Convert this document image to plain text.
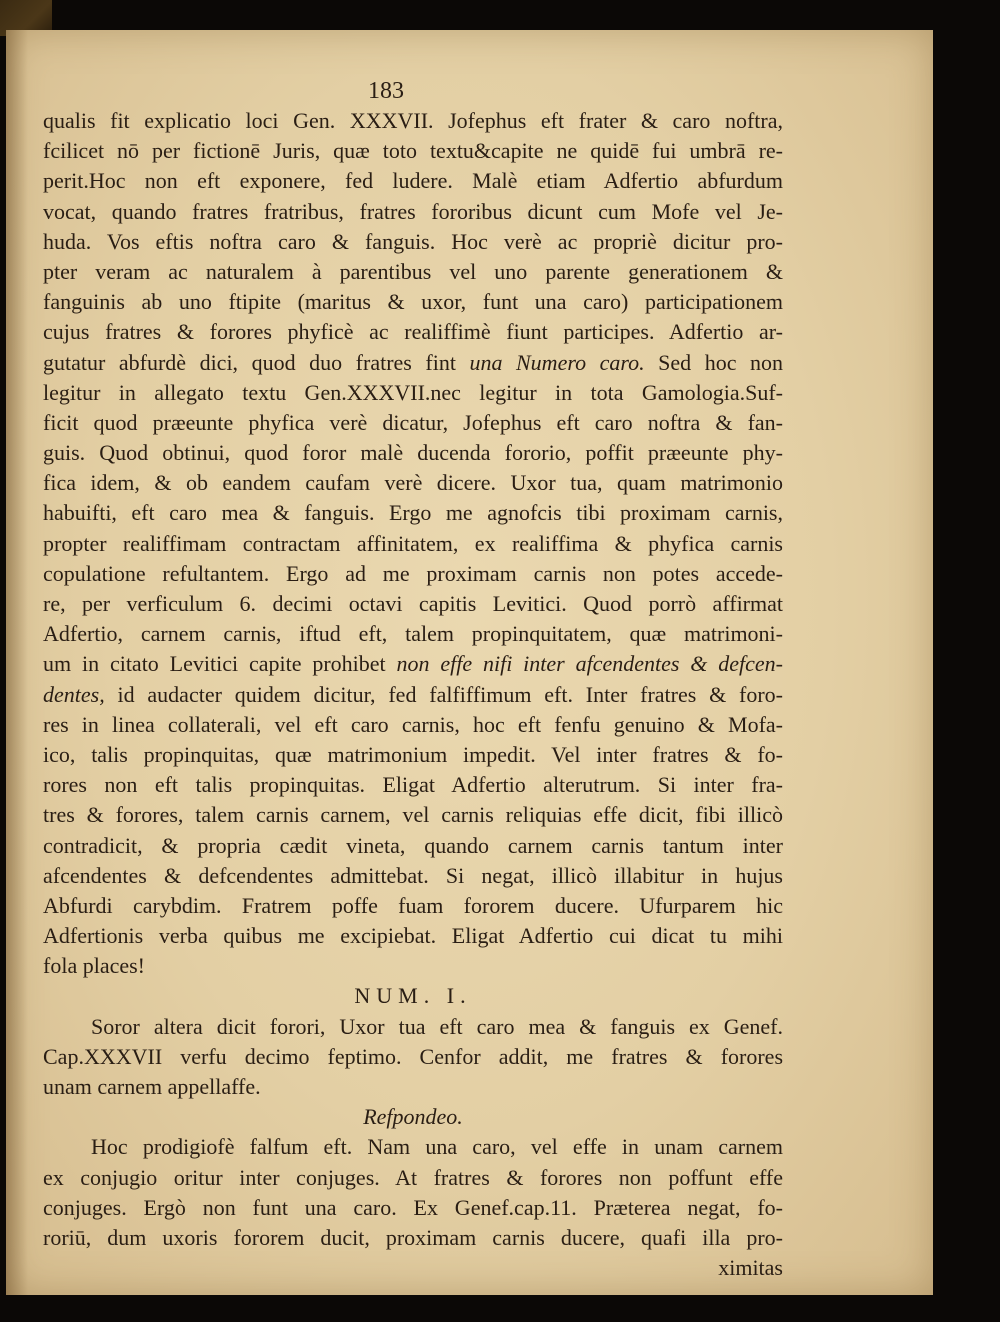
183
qualis fit explicatio loci Gen. XXXVII. Jofephus eft frater & caro noftra,
fcilicet nō per fictionē Juris, quæ toto textu&capite ne quidē fui umbrā re-
perit.Hoc non eft exponere, fed ludere. Malè etiam Adfertio abfurdum
vocat, quando fratres fratribus, fratres fororibus dicunt cum Mofe vel Je-
huda. Vos eftis noftra caro & fanguis. Hoc verè ac propriè dicitur pro-
pter veram ac naturalem à parentibus vel uno parente generationem &
fanguinis ab uno ftipite (maritus & uxor, funt una caro) participationem
cujus fratres & forores phyficè ac realiffimè fiunt participes. Adfertio ar-
gutatur abfurdè dici, quod duo fratres fint una Numero caro. Sed hoc non
legitur in allegato textu Gen.XXXVII.nec legitur in tota Gamologia.Suf-
ficit quod præeunte phyfica verè dicatur, Jofephus eft caro noftra & fan-
guis. Quod obtinui, quod foror malè ducenda fororio, poffit præeunte phy-
fica idem, & ob eandem caufam verè dicere. Uxor tua, quam matrimonio
habuifti, eft caro mea & fanguis. Ergo me agnofcis tibi proximam carnis,
propter realiffimam contractam affinitatem, ex realiffima & phyfica carnis
copulatione refultantem. Ergo ad me proximam carnis non potes accede-
re, per verficulum 6. decimi octavi capitis Levitici. Quod porrò affirmat
Adfertio, carnem carnis, iftud eft, talem propinquitatem, quæ matrimoni-
um in citato Levitici capite prohibet non effe nifi inter afcendentes & defcen-
dentes, id audacter quidem dicitur, fed falfiffimum eft. Inter fratres & foro-
res in linea collaterali, vel eft caro carnis, hoc eft fenfu genuino & Mofa-
ico, talis propinquitas, quæ matrimonium impedit. Vel inter fratres & fo-
rores non eft talis propinquitas. Eligat Adfertio alterutrum. Si inter fra-
tres & forores, talem carnis carnem, vel carnis reliquias effe dicit, fibi illicò
contradicit, & propria cædit vineta, quando carnem carnis tantum inter
afcendentes & defcendentes admittebat. Si negat, illicò illabitur in hujus
Abfurdi carybdim. Fratrem poffe fuam fororem ducere. Ufurparem hic
Adfertionis verba quibus me excipiebat. Eligat Adfertio cui dicat tu mihi
fola places!
NUM. I.
Soror altera dicit forori, Uxor tua eft caro mea & fanguis ex Genef.
Cap.XXXVII verfu decimo feptimo. Cenfor addit, me fratres & forores
unam carnem appellaffe.
Refpondeo.
Hoc prodigiofè falfum eft. Nam una caro, vel effe in unam carnem
ex conjugio oritur inter conjuges. At fratres & forores non poffunt effe
conjuges. Ergò non funt una caro. Ex Genef.cap.11. Præterea negat, fo-
roriū, dum uxoris fororem ducit, proximam carnis ducere, quafi illa pro-
ximitas
